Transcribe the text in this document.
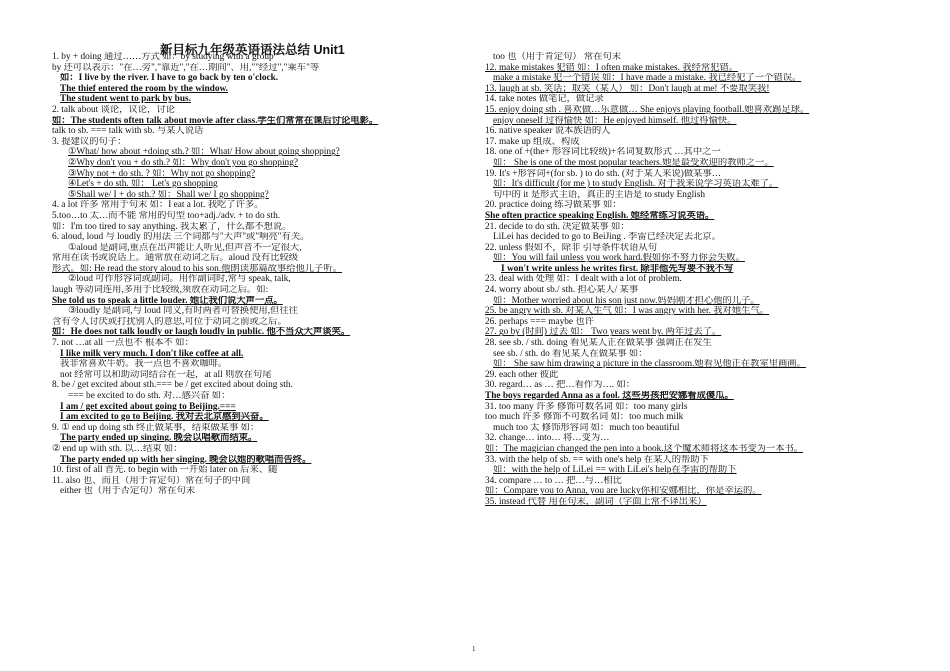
新目标九年级英语语法总结 Unit1
1. by + doing 通过……方式 如：by studying with a group
by 还可以表示："在…旁","靠近","在…期间"、用,""经过","乘车"等
如：I live by the river. I have to go back by ten o'clock.
The thief entered the room by the window.
The student went to park by bus.
2. talk about 谈论，议论，讨论
如：The students often talk about movie after class.学生们常常在课后讨论电影。
talk to sb. === talk with sb. 与某人说话
3. 提建议的句子：
①What/ how about +doing sth.? 如：What/ How about going shopping?
②Why don't you + do sth.? 如：Why don't you go shopping?
③Why not + do sth. ? 如：Why not go shopping?
④Let's + do sth. 如： Let's go shopping
⑤Shall we/ I + do sth.? 如：Shall we/ I go shopping?
4. a lot 许多 常用于句末 如：I eat a lot. 我吃了许多。
5.too…to 太…而不能 常用的句型 too+adj./adv. + to do sth.
如：I'm too tired to say anything. 我太累了，什么都不想说。
6. aloud, loud 与 loudly 的用法 三个词都与"大声"或"响亮"有关。
①aloud 是副词,重点在出声能让人听见,但声音不一定很大,
常用在读书或说话上。通常放在动词之后。aloud 没有比较级
形式。如: He read the story aloud to his son.他朗读那篇故事给他儿子听。
②loud 可作形容词或副词。用作副词时,常与 speak, talk,
laugh 等动词连用,多用于比较级,须放在动词之后。如:
She told us to speak a little louder. 她让我们说大声一点。
③loudly 是副词,与 loud 同义,有时两者可替换使用,但往往
含有令人讨厌或打扰别人的意思,可位于动词之前或之后。
如：He does not talk loudly or laugh loudly in public. 他不当众大声谈笑。
7. not …at all 一点也不 根本不 如：
I like milk very much. I don't like coffee at all.
我非常喜欢牛奶。我一点也不喜欢咖啡。
not 经常可以和助动词结合在一起，at all 则放在句尾
8. be / get excited about sth.=== be / get excited about doing sth.
=== be excited to do sth. 对…感兴奋 如：
I am / get excited about going to Beijing.===
I am excited to go to Beijing. 我对去北京感到兴奋。
9. ① end up doing sth 终止做某事，结束做某事 如：
The party ended up singing. 晚会以唱歌而结束。
② end up with sth. 以…结束 如：
The party ended up with her singing. 晚会以她的歌唱而告终。
10. first of all 首先. to begin with 一开始 later on 后来、随
11. also 也、而且（用于肯定句）常在句子的中间
either 也（用于否定句）常在句末
too 也（用于肯定句） 常在句末
12. make mistakes 犯错 如：I often make mistakes. 我经常犯错。
make a mistake 犯一个错误 如：I have made a mistake. 我已经犯了一个错误。
13. laugh at sb. 笑话；取笑（某人） 如：Don't laugh at me! 不要取笑我!
14. take notes 做笔记，做记录
15. enjoy doing sth . 喜欢做…乐意做… She enjoys playing football.她喜欢踢足球。
enjoy oneself 过得愉快 如：He enjoyed himself. 他过得愉快。
16. native speaker 说本族语的人
17. make up 组成、构成
18. one of +(the+ 形容词比较级)+名词复数形式 …其中之一
如： She is one of the most popular teachers.她是最受欢迎的教师之一。
19. It's +形容词+(for sb. ) to do sth. (对于某人来说)做某事…
如：It's difficult (for me ) to study English. 对于我来说学习英语太难了。
句中的 it 是形式主语，真正的主语是 to study English
20. practice doing 练习做某事 如：
She often practice speaking English. 她经常练习说英语。
21. decide to do sth. 决定做某事 如：
LiLei has decided to go to BeiJing . 李雷已经决定去北京。
22. unless 假如不，除非 引导条件状语从句
如：You will fail unless you work hard.假如你不努力你会失败。
I won't write unless he writes first. 除非他先写要不我不写
23. deal with 处理 如：I dealt with a lot of problem.
24. worry about sb./ sth. 担心某人/ 某事
如：Mother worried about his son just now.妈妈刚才担心他的儿子。
25. be angry with sb. 对某人生气 如：I was angry with her. 我对她生气。
26. perhaps === maybe 也许
27. go by (时间) 过去 如： Two years went by. 两年过去了。
28. see sb. / sth. doing 看见某人正在做某事 强调正在发生
see sb. / sth. do 看见某人在做某事 如：
如： She saw him drawing a picture in the classroom.她看见他正在教室里画画。
29. each other 彼此
30. regard… as … 把…看作为…. 如：
The boys regarded Anna as a fool. 这些男孩把安娜看成傻瓜。
31. too many 许多 修饰可数名词 如：too many girls
too much 许多 修饰不可数名词 如：too much milk
much too 太 修饰形容词 如：much too beautiful
32. change… into… 将…变为…
如：The magician changed the pen into a book.这个魔术师将这本书变为一本书。
33. with the help of sb. == with one's help 在某人的帮助下
如：with the help of LiLei == with LiLei's help在李雷的帮助下
34. compare … to … 把…与…相比
如：Compare you to Anna, you are lucky你和安娜相比，你是幸运的。
35. instead 代替 用在句末，副词（字面上常不译出来）
1
